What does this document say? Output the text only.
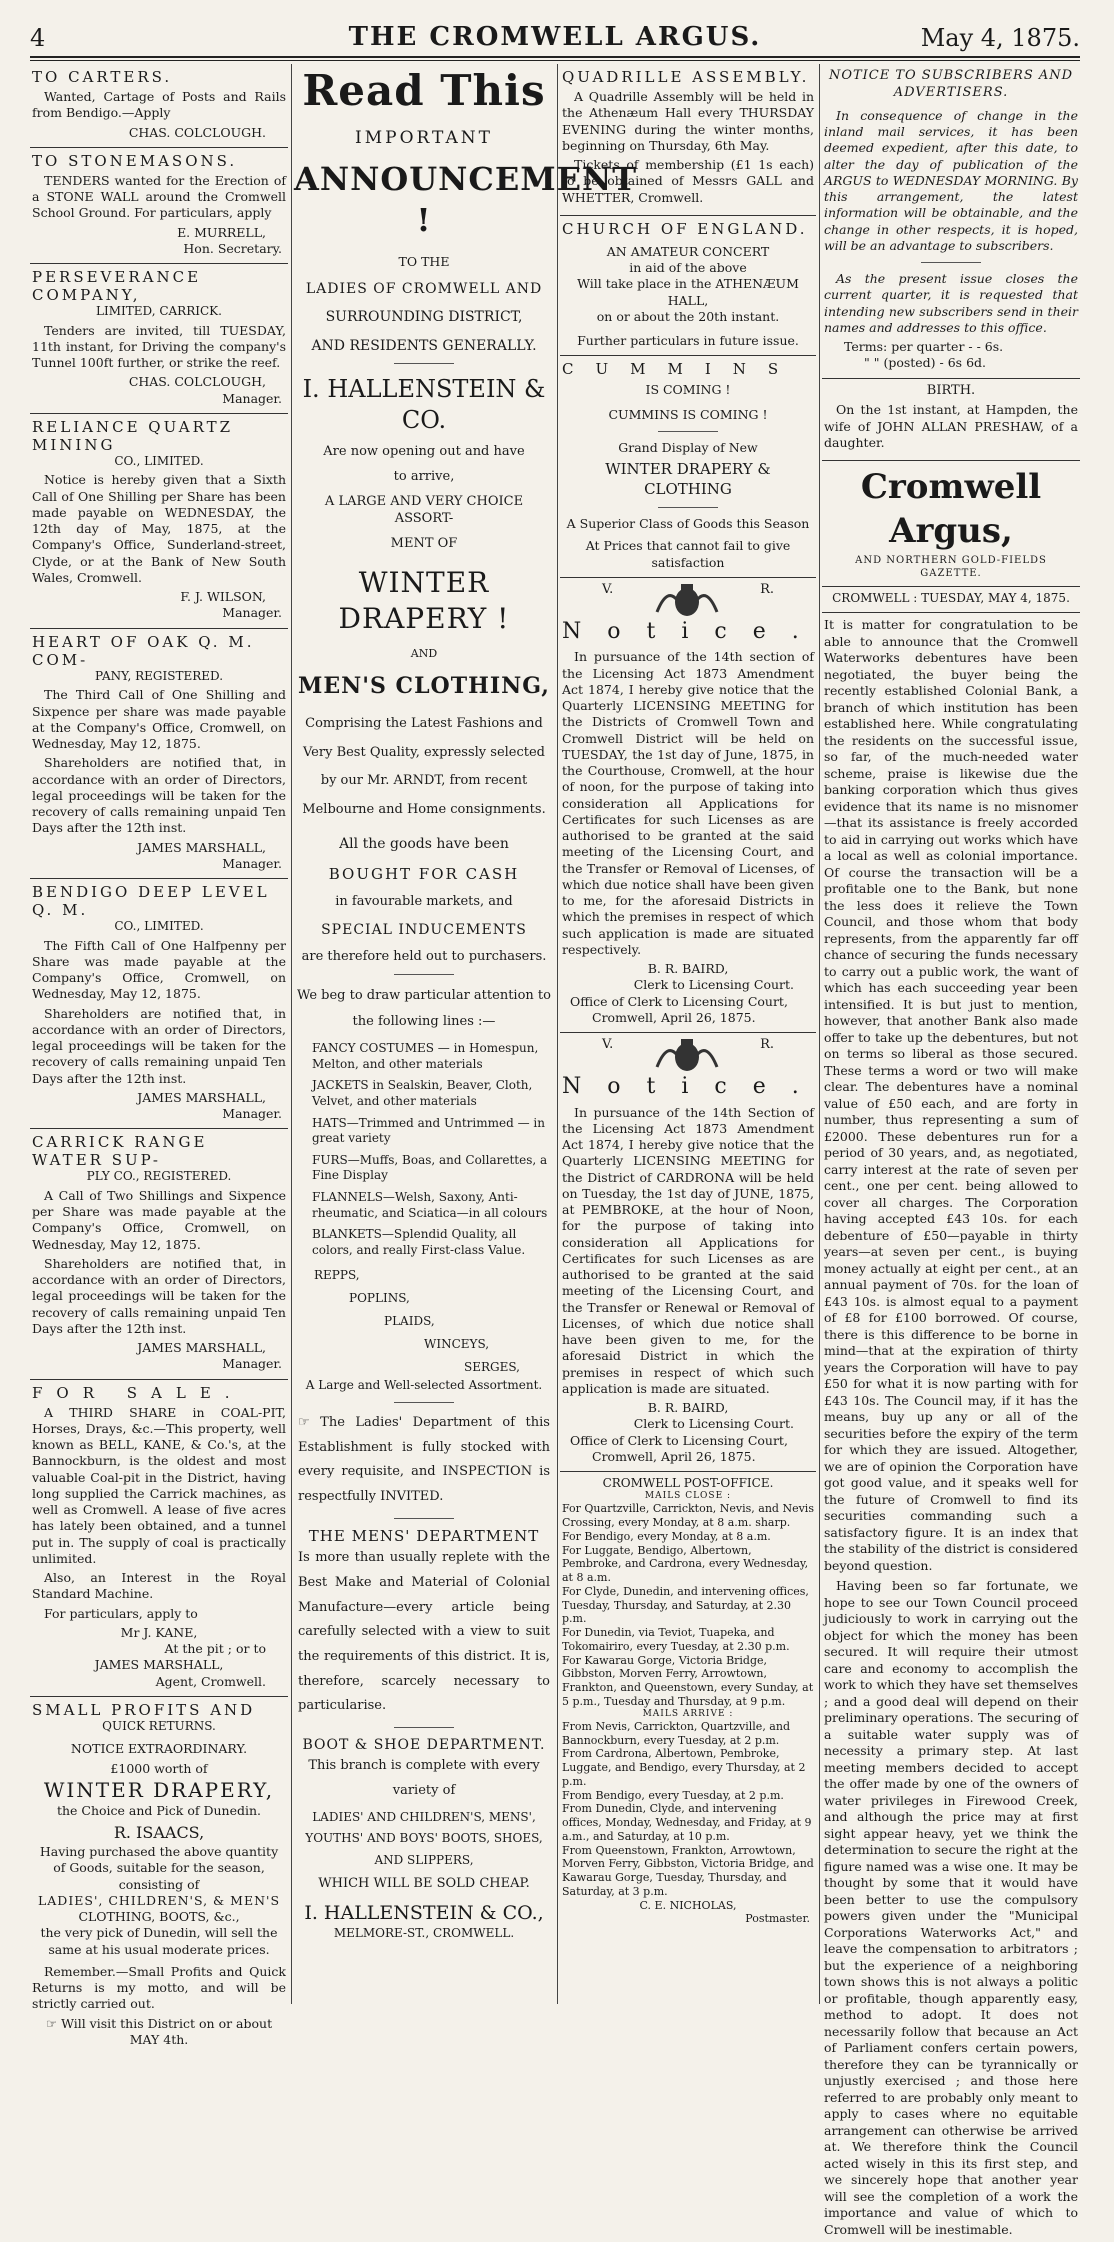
4	THE CROMWELL ARGUS.	May 4, 1875.
TO CARTERS.
Wanted, Cartage of Posts and Rails from Bendigo.—Apply
CHAS. COLCLOUGH.
TO STONEMASONS.
TENDERS wanted for the Erection of a STONE WALL around the Cromwell School Ground. For particulars, apply
E. MURRELL,
Hon. Secretary.
PERSEVERANCE COMPANY,
LIMITED, CARRICK.
Tenders are invited, till TUESDAY, 11th instant, for Driving the company's Tunnel 100ft further, or strike the reef.
CHAS. COLCLOUGH,
Manager.
RELIANCE QUARTZ MINING
CO., LIMITED.
Notice is hereby given that a Sixth Call of One Shilling per Share has been made payable on WEDNESDAY, the 12th day of May, 1875, at the Company's Office, Sunderland-street, Clyde, or at the Bank of New South Wales, Cromwell.
F. J. WILSON,
Manager.
HEART OF OAK Q. M. COM-
PANY, REGISTERED.
The Third Call of One Shilling and Sixpence per share was made payable at the Company's Office, Cromwell, on Wednesday, May 12, 1875.
Shareholders are notified that, in accordance with an order of Directors, legal proceedings will be taken for the recovery of calls remaining unpaid Ten Days after the 12th inst.
JAMES MARSHALL,
Manager.
BENDIGO DEEP LEVEL Q. M.
CO., LIMITED.
The Fifth Call of One Halfpenny per Share was made payable at the Company's Office, Cromwell, on Wednesday, May 12, 1875.
Shareholders are notified that, in accordance with an order of Directors, legal proceedings will be taken for the recovery of calls remaining unpaid Ten Days after the 12th inst.
JAMES MARSHALL,
Manager.
CARRICK RANGE WATER SUP-
PLY CO., REGISTERED.
A Call of Two Shillings and Sixpence per Share was made payable at the Company's Office, Cromwell, on Wednesday, May 12, 1875.
Shareholders are notified that, in accordance with an order of Directors, legal proceedings will be taken for the recovery of calls remaining unpaid Ten Days after the 12th inst.
JAMES MARSHALL,
Manager.
FOR SALE.
A THIRD SHARE in COAL-PIT, Horses, Drays, &c.—This property, well known as BELL, KANE, & Co.'s, at the Bannockburn, is the oldest and most valuable Coal-pit in the District, having long supplied the Carrick machines, as well as Cromwell. A lease of five acres has lately been obtained, and a tunnel put in. The supply of coal is practically unlimited.
Also, an Interest in the Royal Standard Machine.
For particulars, apply to
Mr J. KANE,
At the pit ; or to
JAMES MARSHALL,
Agent, Cromwell.
SMALL PROFITS AND
QUICK RETURNS.
NOTICE EXTRAORDINARY.
£1000 worth of
WINTER DRAPERY,
the Choice and Pick of Dunedin.
R. ISAACS,
Having purchased the above quantity of Goods, suitable for the season, consisting of
LADIES', CHILDREN'S, & MEN'S
CLOTHING, BOOTS, &c.,
the very pick of Dunedin, will sell the same at his usual moderate prices.
Remember.—Small Profits and Quick Returns is my motto, and will be strictly carried out.
☞ Will visit this District on or about
MAY 4th.
Read This
IMPORTANT
ANNOUNCEMENT !
TO THE
LADIES OF CROMWELL AND
SURROUNDING DISTRICT,
AND RESIDENTS GENERALLY.
I. HALLENSTEIN & CO.
Are now opening out and have
to arrive,
A LARGE AND VERY CHOICE ASSORT-
MENT OF
WINTER DRAPERY !
AND
MEN'S CLOTHING,
Comprising the Latest Fashions and Very Best Quality, expressly selected by our Mr. ARNDT, from recent Melbourne and Home consignments.
All the goods have been
BOUGHT FOR CASH
in favourable markets, and
SPECIAL INDUCEMENTS
are therefore held out to purchasers.
We beg to draw particular attention to the following lines :—
FANCY COSTUMES — in Homespun, Melton, and other materials
JACKETS in Sealskin, Beaver, Cloth, Velvet, and other materials
HATS—Trimmed and Untrimmed — in great variety
FURS—Muffs, Boas, and Collarettes, a Fine Display
FLANNELS—Welsh, Saxony, Anti-rheumatic, and Sciatica—in all colours
BLANKETS—Splendid Quality, all colors, and really First-class Value.
REPPS,
POPLINS,
PLAIDS,
WINCEYS,
SERGES,
A Large and Well-selected Assortment.
☞ The Ladies' Department of this Establishment is fully stocked with every requisite, and INSPECTION is respectfully INVITED.
THE MENS' DEPARTMENT
Is more than usually replete with the Best Make and Material of Colonial Manufacture—every article being carefully selected with a view to suit the requirements of this district. It is, therefore, scarcely necessary to particularise.
BOOT & SHOE DEPARTMENT.
This branch is complete with every variety of
LADIES' AND CHILDREN'S, MENS',
YOUTHS' AND BOYS' BOOTS, SHOES,
AND SLIPPERS,
WHICH WILL BE SOLD CHEAP.
I. HALLENSTEIN & CO.,
MELMORE-ST., CROMWELL.
QUADRILLE ASSEMBLY.
A Quadrille Assembly will be held in the Athenæum Hall every THURSDAY EVENING during the winter months, beginning on Thursday, 6th May.
Tickets of membership (£1 1s each) to be obtained of Messrs GALL and WHETTER, Cromwell.
CHURCH OF ENGLAND.
AN AMATEUR CONCERT
in aid of the above
Will take place in the ATHENÆUM HALL,
on or about the 20th instant.
Further particulars in future issue.
CUMMINS
IS COMING !
CUMMINS IS COMING !
Grand Display of New
WINTER DRAPERY & CLOTHING
A Superior Class of Goods this Season
At Prices that cannot fail to give satisfaction
V.	R.
Notice.
In pursuance of the 14th section of the Licensing Act 1873 Amendment Act 1874, I hereby give notice that the Quarterly LICENSING MEETING for the Districts of Cromwell Town and Cromwell District will be held on TUESDAY, the 1st day of June, 1875, in the Courthouse, Cromwell, at the hour of noon, for the purpose of taking into consideration all Applications for Certificates for such Licenses as are authorised to be granted at the said meeting of the Licensing Court, and the Transfer or Removal of Licenses, of which due notice shall have been given to me, for the aforesaid Districts in which the premises in respect of which such application is made are situated respectively.
B. R. BAIRD,
Clerk to Licensing Court.
Office of Clerk to Licensing Court,
Cromwell, April 26, 1875.
V.	R.
Notice.
In pursuance of the 14th Section of the Licensing Act 1873 Amendment Act 1874, I hereby give notice that the Quarterly LICENSING MEETING for the District of CARDRONA will be held on Tuesday, the 1st day of JUNE, 1875, at PEMBROKE, at the hour of Noon, for the purpose of taking into consideration all Applications for Certificates for such Licenses as are authorised to be granted at the said meeting of the Licensing Court, and the Transfer or Renewal or Removal of Licenses, of which due notice shall have been given to me, for the aforesaid District in which the premises in respect of which such application is made are situated.
B. R. BAIRD,
Clerk to Licensing Court.
Office of Clerk to Licensing Court,
Cromwell, April 26, 1875.
CROMWELL POST-OFFICE.
MAILS CLOSE :
For Quartzville, Carrickton, Nevis, and Nevis Crossing, every Monday, at 8 a.m. sharp.
For Bendigo, every Monday, at 8 a.m.
For Luggate, Bendigo, Albertown, Pembroke, and Cardrona, every Wednesday, at 8 a.m.
For Clyde, Dunedin, and intervening offices, Tuesday, Thursday, and Saturday, at 2.30 p.m.
For Dunedin, via Teviot, Tuapeka, and Tokomairiro, every Tuesday, at 2.30 p.m.
For Kawarau Gorge, Victoria Bridge, Gibbston, Morven Ferry, Arrowtown, Frankton, and Queenstown, every Sunday, at 5 p.m., Tuesday and Thursday, at 9 p.m.
MAILS ARRIVE :
From Nevis, Carrickton, Quartzville, and Bannockburn, every Tuesday, at 2 p.m.
From Cardrona, Albertown, Pembroke, Luggate, and Bendigo, every Thursday, at 2 p.m.
From Bendigo, every Tuesday, at 2 p.m.
From Dunedin, Clyde, and intervening offices, Monday, Wednesday, and Friday, at 9 a.m., and Saturday, at 10 p.m.
From Queenstown, Frankton, Arrowtown, Morven Ferry, Gibbston, Victoria Bridge, and Kawarau Gorge, Tuesday, Thursday, and Saturday, at 3 p.m.
C. E. NICHOLAS,
Postmaster.
NOTICE TO SUBSCRIBERS AND ADVERTISERS.
In consequence of change in the inland mail services, it has been deemed expedient, after this date, to alter the day of publication of the ARGUS to WEDNESDAY MORNING. By this arrangement, the latest information will be obtainable, and the change in other respects, it is hoped, will be an advantage to subscribers.
As the present issue closes the current quarter, it is requested that intending new subscribers send in their names and addresses to this office.
Terms: per quarter - - 6s.
" " (posted) - 6s 6d.
BIRTH.
On the 1st instant, at Hampden, the wife of JOHN ALLAN PRESHAW, of a daughter.
Cromwell Argus,
AND NORTHERN GOLD-FIELDS GAZETTE.
CROMWELL : TUESDAY, MAY 4, 1875.
It is matter for congratulation to be able to announce that the Cromwell Waterworks debentures have been negotiated, the buyer being the recently established Colonial Bank, a branch of which institution has been established here. While congratulating the residents on the successful issue, so far, of the much-needed water scheme, praise is likewise due the banking corporation which thus gives evidence that its name is no misnomer—that its assistance is freely accorded to aid in carrying out works which have a local as well as colonial importance. Of course the transaction will be a profitable one to the Bank, but none the less does it relieve the Town Council, and those whom that body represents, from the apparently far off chance of securing the funds necessary to carry out a public work, the want of which has each succeeding year been intensified. It is but just to mention, however, that another Bank also made offer to take up the debentures, but not on terms so liberal as those secured. These terms a word or two will make clear. The debentures have a nominal value of £50 each, and are forty in number, thus representing a sum of £2000. These debentures run for a period of 30 years, and, as negotiated, carry interest at the rate of seven per cent., one per cent. being allowed to cover all charges. The Corporation having accepted £43 10s. for each debenture of £50—payable in thirty years—at seven per cent., is buying money actually at eight per cent., at an annual payment of 70s. for the loan of £43 10s. is almost equal to a payment of £8 for £100 borrowed. Of course, there is this difference to be borne in mind—that at the expiration of thirty years the Corporation will have to pay £50 for what it is now parting with for £43 10s. The Council may, if it has the means, buy up any or all of the securities before the expiry of the term for which they are issued. Altogether, we are of opinion the Corporation have got good value, and it speaks well for the future of Cromwell to find its securities commanding such a satisfactory figure. It is an index that the stability of the district is considered beyond question.
Having been so far fortunate, we hope to see our Town Council proceed judiciously to work in carrying out the object for which the money has been secured. It will require their utmost care and economy to accomplish the work to which they have set themselves ; and a good deal will depend on their preliminary operations. The securing of a suitable water supply was of necessity a primary step. At last meeting members decided to accept the offer made by one of the owners of water privileges in Firewood Creek, and although the price may at first sight appear heavy, yet we think the determination to secure the right at the figure named was a wise one. It may be thought by some that it would have been better to use the compulsory powers given under the "Municipal Corporations Waterworks Act," and leave the compensation to arbitrators ; but the experience of a neighboring town shows this is not always a politic or profitable, though apparently easy, method to adopt. It does not necessarily follow that because an Act of Parliament confers certain powers, therefore they can be tyrannically or unjustly exercised ; and those here referred to are probably only meant to apply to cases where no equitable arrangement can otherwise be arrived at. We therefore think the Council acted wisely in this its first step, and we sincerely hope that another year will see the completion of a work the importance and value of which to Cromwell will be inestimable.
